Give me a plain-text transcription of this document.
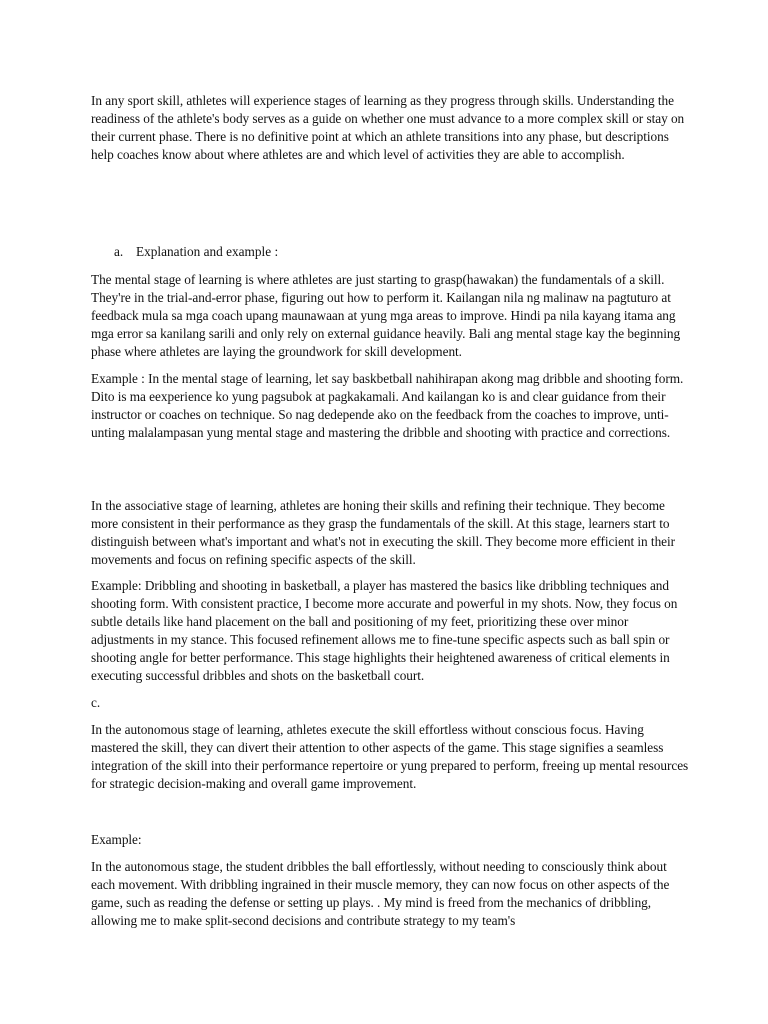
In any sport skill, athletes will experience stages of learning as they progress through skills. Understanding the readiness of the athlete's body serves as a guide on whether one must advance to a more complex skill or stay on their current phase. There is no definitive point at which an athlete transitions into any phase, but descriptions help coaches know about where athletes are and which level of activities they are able to accomplish.

a. Explanation and example :

The mental stage of learning is where athletes are just starting to grasp(hawakan) the fundamentals of a skill. They're in the trial-and-error phase, figuring out how to perform it. Kailangan nila ng malinaw na pagtuturo at feedback mula sa mga coach upang maunawaan at yung mga areas to improve. Hindi pa nila kayang itama ang mga error sa kanilang sarili and only rely on external guidance heavily. Bali ang mental stage kay the beginning phase where athletes are laying the groundwork for skill development.

Example : In the mental stage of learning, let say baskbetball nahihirapan akong mag dribble and shooting form. Dito is ma eexperience ko yung pagsubok at pagkakamali. And kailangan ko is and clear guidance from their instructor or coaches on technique. So nag dedepende ako on the feedback from the coaches to improve, unti- unting malalampasan yung mental stage and mastering the dribble and shooting with practice and corrections.

In the associative stage of learning, athletes are honing their skills and refining their technique. They become more consistent in their performance as they grasp the fundamentals of the skill. At this stage, learners start to distinguish between what's important and what's not in executing the skill. They become more efficient in their movements and focus on refining specific aspects of the skill.

Example: Dribbling and shooting in basketball, a player has mastered the basics like dribbling techniques and shooting form. With consistent practice, I become more accurate and powerful in my shots. Now, they focus on subtle details like hand placement on the ball and positioning of my feet, prioritizing these over minor adjustments in my stance. This focused refinement allows me to fine-tune specific aspects such as ball spin or shooting angle for better performance. This stage highlights their heightened awareness of critical elements in executing successful dribbles and shots on the basketball court.

c.

In the autonomous stage of learning, athletes execute the skill effortless without conscious focus. Having mastered the skill, they can divert their attention to other aspects of the game. This stage signifies a seamless integration of the skill into their performance repertoire or yung prepared to perform, freeing up mental resources for strategic decision-making and overall game improvement.

Example:

In the autonomous stage, the student dribbles the ball effortlessly, without needing to consciously think about each movement. With dribbling ingrained in their muscle memory, they can now focus on other aspects of the game, such as reading the defense or setting up plays. . My mind is freed from the mechanics of dribbling, allowing me to make split-second decisions and contribute strategy to my team's
